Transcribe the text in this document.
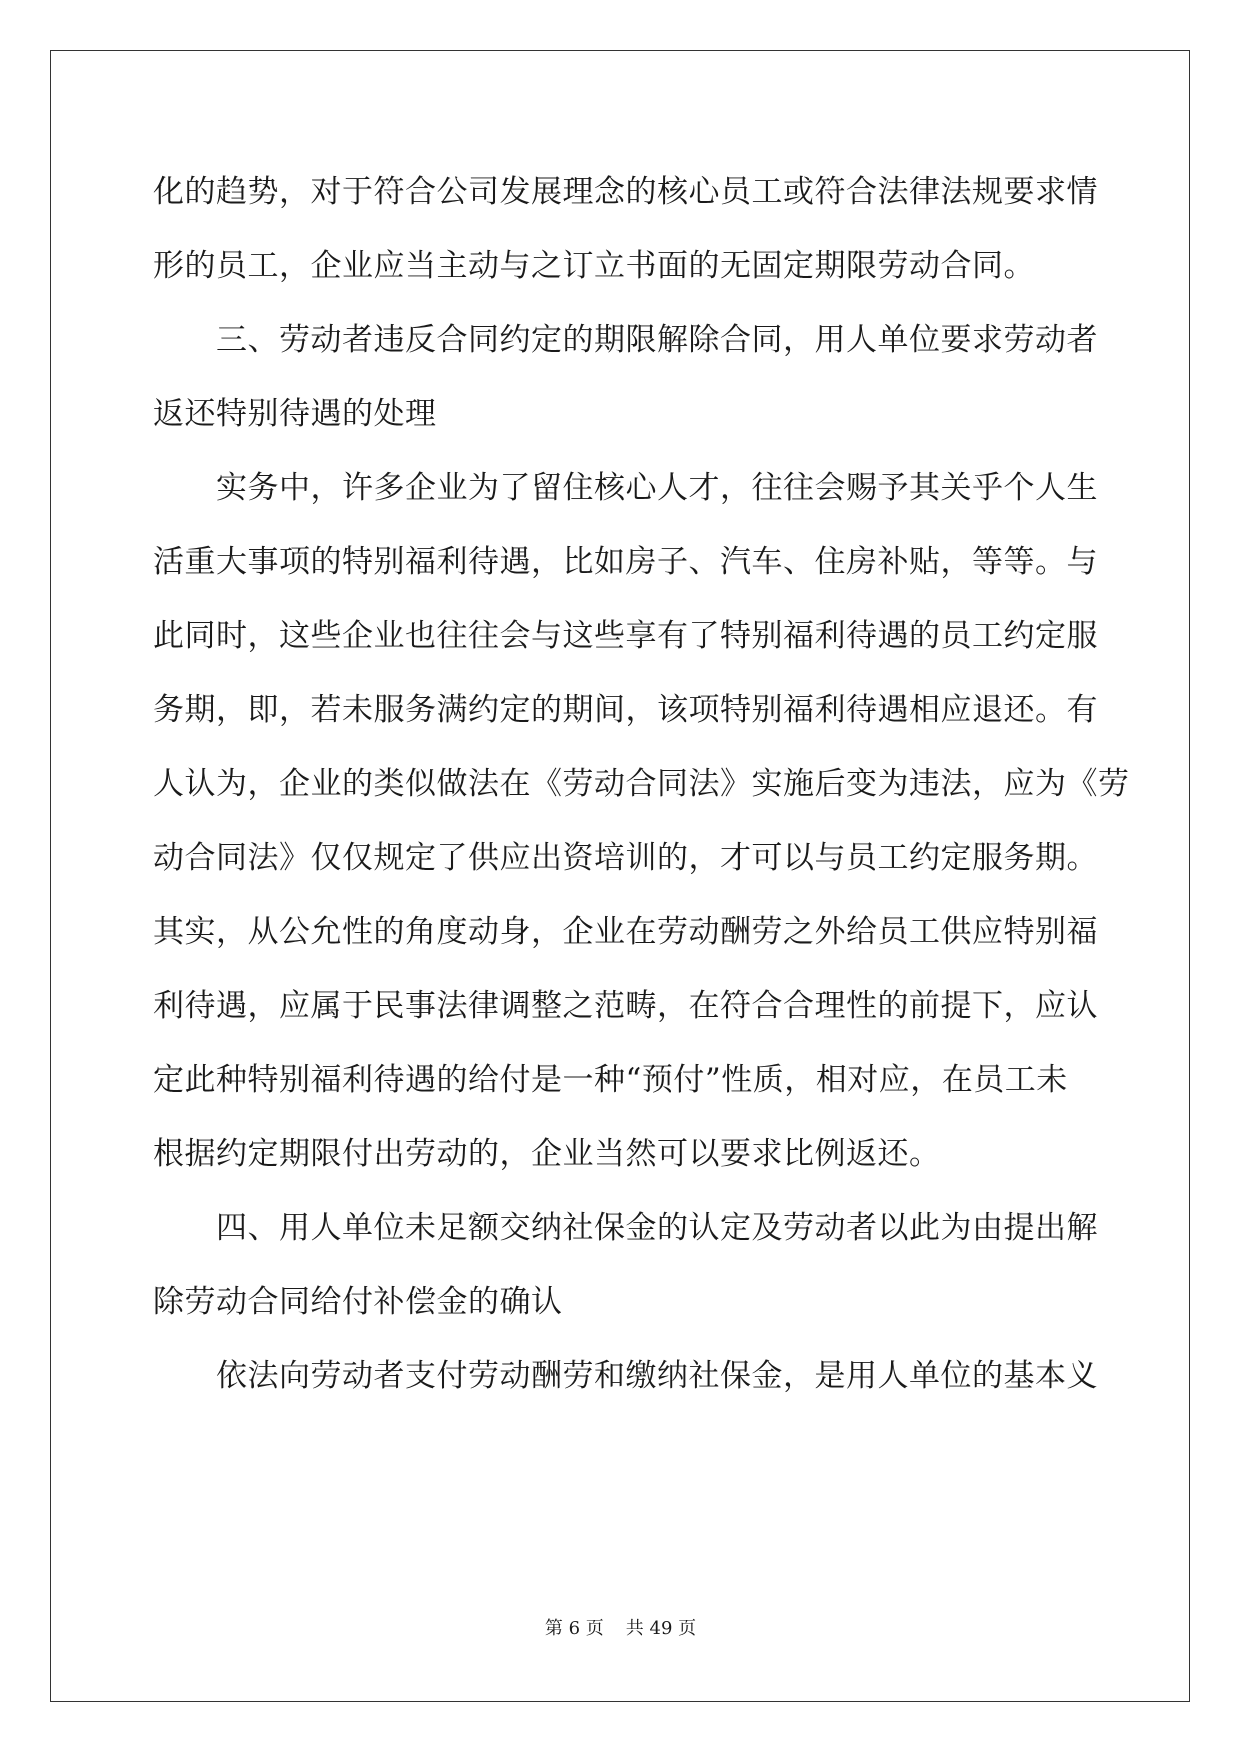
化的趋势，对于符合公司发展理念的核心员工或符合法律法规要求情
形的员工，企业应当主动与之订立书面的无固定期限劳动合同。
　　三、劳动者违反合同约定的期限解除合同，用人单位要求劳动者
返还特别待遇的处理
　　实务中，许多企业为了留住核心人才，往往会赐予其关乎个人生
活重大事项的特别福利待遇，比如房子、汽车、住房补贴，等等。与
此同时，这些企业也往往会与这些享有了特别福利待遇的员工约定服
务期，即，若未服务满约定的期间，该项特别福利待遇相应退还。有
人认为，企业的类似做法在《劳动合同法》实施后变为违法，应为《劳
动合同法》仅仅规定了供应出资培训的，才可以与员工约定服务期。
其实，从公允性的角度动身，企业在劳动酬劳之外给员工供应特别福
利待遇，应属于民事法律调整之范畴，在符合合理性的前提下，应认
定此种特别福利待遇的给付是一种“预付”性质，相对应，在员工未
根据约定期限付出劳动的，企业当然可以要求比例返还。
　　四、用人单位未足额交纳社保金的认定及劳动者以此为由提出解
除劳动合同给付补偿金的确认
　　依法向劳动者支付劳动酬劳和缴纳社保金，是用人单位的基本义
第 6 页 共 49 页
